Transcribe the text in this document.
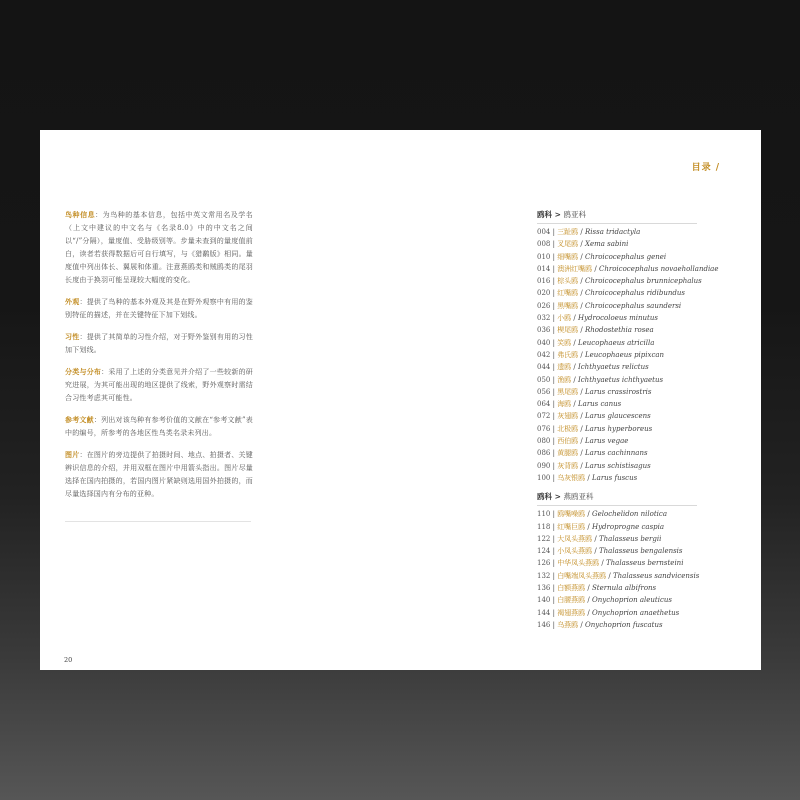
鸟种信息：为鸟种的基本信息，包括中英文常用名及学名（上文中建议的中文名与《名录8.0》中的中文名之间以“/”分隔），量度值、受胁级别等。步量未查到的量度值前白，读者若获得数据后可自行填写，与《猎鹬版》相同。量度值中列出体长、翼展和体重。注意燕鸥类和贼鸥类的尾羽长度由于换羽可能呈现较大幅度的变化。

外观：提供了鸟种的基本外观及其是在野外观察中有用的鉴别特征的描述，并在关键特征下加下划线。

习性：提供了其简单的习性介绍，对于野外鉴别有用的习性加下划线。

分类与分布：采用了上述的分类意见并介绍了一些较新的研究进展，为其可能出现的地区提供了线索，野外观察时需结合习性考虑其可能性。

参考文献：列出对该鸟种有参考价值的文献在“参考文献”表中的编号，所参考的各地区性鸟类名录未列出。

图片：在图片的旁边提供了拍摄时间、地点、拍摄者、关键辨识信息的介绍，并用双框在图片中用箭头指出。图片尽量选择在国内拍摄的，若国内图片紧缺则选用国外拍摄的，而尽量选择国内有分布的亚种。

20
目录 /
鸥科 > 鸥亚科
004 | 三趾鸥 / Rissa tridactyla
008 | 叉尾鸥 / Xema sabini
010 | 细嘴鸥 / Chroicocephalus genei
014 | 澳洲红嘴鸥 / Chroicocephalus novaehollandiae
016 | 棕头鸥 / Chroicocephalus brunnicephalus
020 | 红嘴鸥 / Chroicocephalus ridibundus
026 | 黑嘴鸥 / Chroicocephalus saundersi
032 | 小鸥 / Hydrocoloeus minutus
036 | 楔尾鸥 / Rhodostethia rosea
040 | 笑鸥 / Leucophaeus atricilla
042 | 弗氏鸥 / Leucophaeus pipixcan
044 | 遗鸥 / Ichthyaetus relictus
050 | 渔鸥 / Ichthyaetus ichthyaetus
056 | 黑尾鸥 / Larus crassirostris
064 | 海鸥 / Larus canus
072 | 灰翅鸥 / Larus glaucescens
076 | 北极鸥 / Larus hyperboreus
080 | 西伯鸥 / Larus vegae
086 | 黄腿鸥 / Larus cachinnans
090 | 灰背鸥 / Larus schistisagus
100 | 乌灰银鸥 / Larus fuscus
鸥科 > 燕鸥亚科
110 | 鸥嘴噪鸥 / Gelochelidon nilotica
118 | 红嘴巨鸥 / Hydroprogne caspia
122 | 大凤头燕鸥 / Thalasseus bergii
124 | 小凤头燕鸥 / Thalasseus bengalensis
126 | 中华凤头燕鸥 / Thalasseus bernsteini
132 | 白嘴端凤头燕鸥 / Thalasseus sandvicensis
136 | 白额燕鸥 / Sternula albifrons
140 | 白腰燕鸥 / Onychoprion aleuticus
144 | 褐翅燕鸥 / Onychoprion anaethetus
146 | 乌燕鸥 / Onychoprion fuscatus
